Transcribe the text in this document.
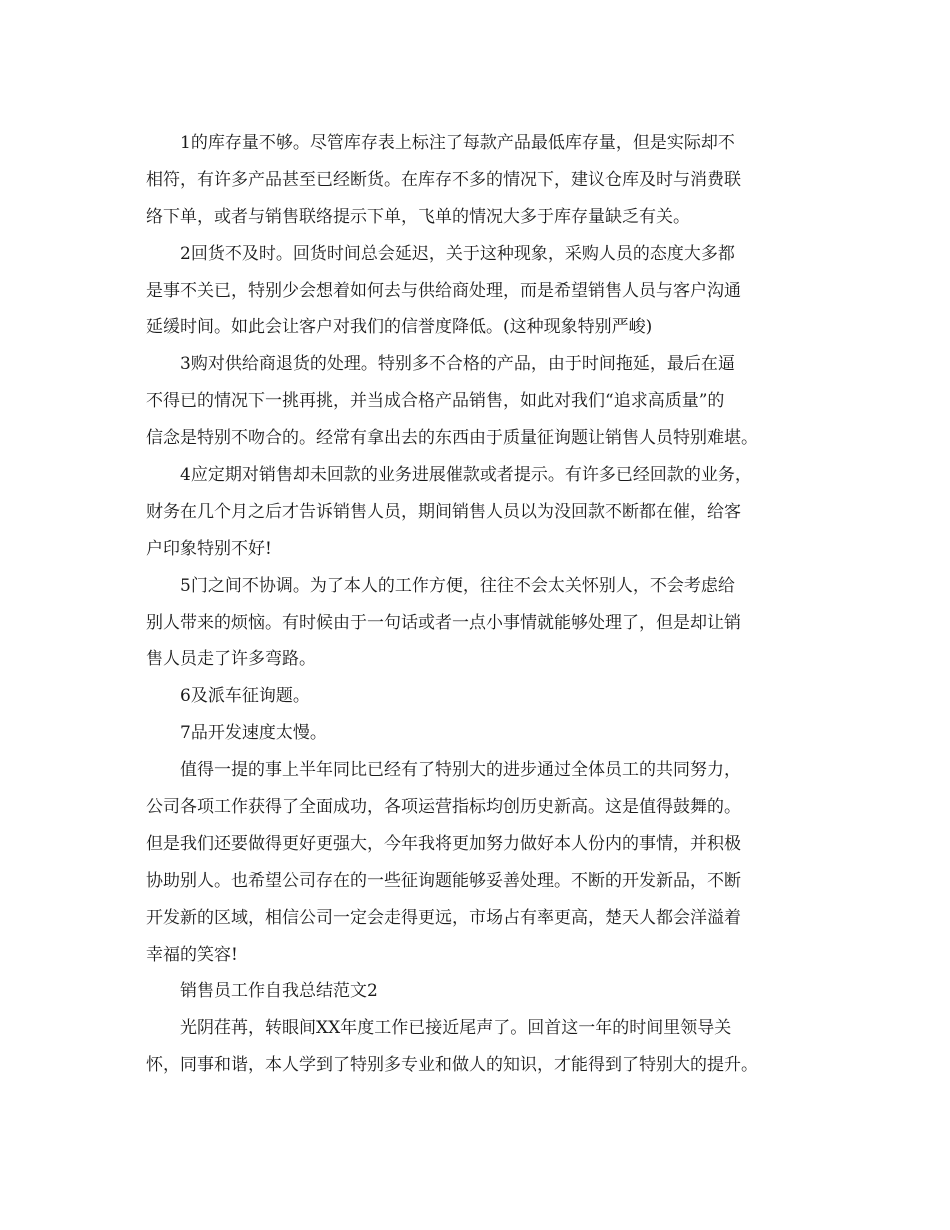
1的库存量不够。尽管库存表上标注了每款产品最低库存量，但是实际却不
相符，有许多产品甚至已经断货。在库存不多的情况下，建议仓库及时与消费联
络下单，或者与销售联络提示下单，飞单的情况大多于库存量缺乏有关。
2回货不及时。回货时间总会延迟，关于这种现象，采购人员的态度大多都
是事不关已，特别少会想着如何去与供给商处理，而是希望销售人员与客户沟通
延缓时间。如此会让客户对我们的信誉度降低。(这种现象特别严峻)
3购对供给商退货的处理。特别多不合格的产品，由于时间拖延，最后在逼
不得已的情况下一挑再挑，并当成合格产品销售，如此对我们“追求高质量”的
信念是特别不吻合的。经常有拿出去的东西由于质量征询题让销售人员特别难堪。
4应定期对销售却未回款的业务进展催款或者提示。有许多已经回款的业务，
财务在几个月之后才告诉销售人员，期间销售人员以为没回款不断都在催，给客
户印象特别不好!
5门之间不协调。为了本人的工作方便，往往不会太关怀别人，不会考虑给
别人带来的烦恼。有时候由于一句话或者一点小事情就能够处理了，但是却让销
售人员走了许多弯路。
6及派车征询题。
7品开发速度太慢。
值得一提的事上半年同比已经有了特别大的进步通过全体员工的共同努力，
公司各项工作获得了全面成功，各项运营指标均创历史新高。这是值得鼓舞的。
但是我们还要做得更好更强大，今年我将更加努力做好本人份内的事情，并积极
协助别人。也希望公司存在的一些征询题能够妥善处理。不断的开发新品，不断
开发新的区域，相信公司一定会走得更远，市场占有率更高，楚天人都会洋溢着
幸福的笑容!
销售员工作自我总结范文2
光阴荏苒，转眼间XX年度工作已接近尾声了。回首这一年的时间里领导关
怀，同事和谐，本人学到了特别多专业和做人的知识，才能得到了特别大的提升。
